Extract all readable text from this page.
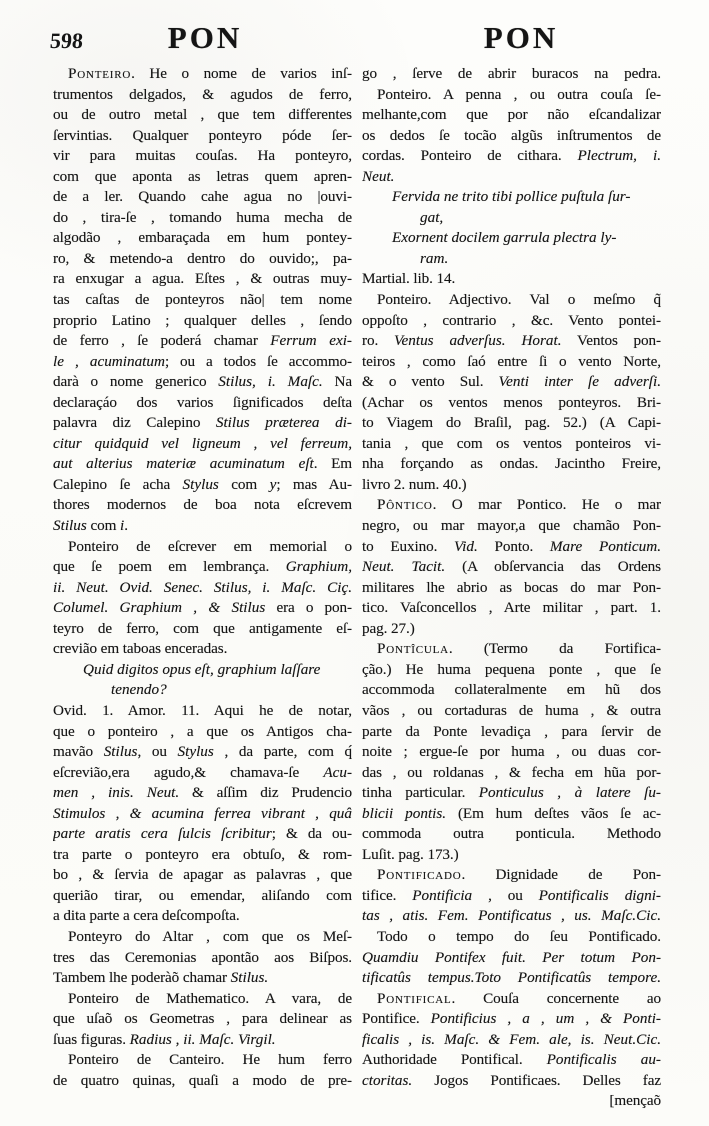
598	PON	PON
Ponteiro. He o nome de varios inſ-
trumentos delgados, & agudos de ferro,
ou de outro metal , que tem differentes
ſervintias. Qualquer ponteyro póde ſer-
vir para muitas couſas. Ha ponteyro,
com que aponta as letras quem apren-
de a ler. Quando cahe agua no |ouvi-
do , tira-ſe , tomando huma mecha de
algodão , embaraçada em hum pontey-
ro, & metendo-a dentro do ouvido;, pa-
ra enxugar a agua. Eſtes , & outras muy-
tas caſtas de ponteyros não| tem nome
proprio Latino ; qualquer delles , ſendo
de ferro , ſe poderá chamar Ferrum exi-
le , acuminatum; ou a todos ſe accommo-
darà o nome generico Stilus, i. Maſc. Na
declaraçáo dos varios ſignificados deſta
palavra diz Calepino Stilus præterea di-
citur quidquid vel ligneum , vel ferreum,
aut alterius materiæ acuminatum eſt. Em
Calepino ſe acha Stylus com y; mas Au-
thores modernos de boa nota eſcrevem
Stilus com i.
Ponteiro de eſcrever em memorial o
que ſe poem em lembrança. Graphium,
ii. Neut. Ovid. Senec. Stilus, i. Maſc. Ciç.
Columel. Graphium , & Stilus era o pon-
teyro de ferro, com que antigamente eſ-
crevião em taboas enceradas.
Quid digitos opus eſt, graphium laſſare
tenendo?
Ovid. 1. Amor. 11. Aqui he de notar,
que o ponteiro , a que os Antigos cha-
mavão Stilus, ou Stylus , da parte, com q́
eſcrevião,era agudo,& chamava-ſe Acu-
men , inis. Neut. & aſſim diz Prudencio
Stimulos , & acumina ferrea vibrant , quâ
parte aratis cera ſulcis ſcribitur; & da ou-
tra parte o ponteyro era obtuſo, & rom-
bo , & ſervia de apagar as palavras , que
querião tirar, ou emendar, aliſando com
a dita parte a cera deſcompoſta.
Ponteyro do Altar , com que os Meſ-
tres das Ceremonias apontão aos Biſpos.
Tambem lhe poderàõ chamar Stilus.
Ponteiro de Mathematico. A vara, de
que uſaõ os Geometras , para delinear as
ſuas figuras. Radius , ii. Maſc. Virgil.
Ponteiro de Canteiro. He hum ferro
de quatro quinas, quaſi a modo de pre-
go , ſerve de abrir buracos na pedra.
Ponteiro. A penna , ou outra couſa ſe-
melhante,com que por não eſcandalizar
os dedos ſe tocão algũs inſtrumentos de
cordas. Ponteiro de cithara. Plectrum, i.
Neut.
Fervida ne trito tibi pollice puſtula ſur-
gat,
Exornent docilem garrula plectra ly-
ram.
Martial. lib. 14.
Ponteiro. Adjectivo. Val o meſmo q̃
oppoſto , contrario , &c. Vento pontei-
ro. Ventus adverſus. Horat. Ventos pon-
teiros , como ſaó entre ſi o vento Norte,
& o vento Sul. Venti inter ſe adverſi.
(Achar os ventos menos ponteyros. Bri-
to Viagem do Braſil, pag. 52.) (A Capi-
tania , que com os ventos ponteiros vi-
nha forçando as ondas. Jacintho Freire,
livro 2. num. 40.)
Pôntico. O mar Pontico. He o mar
negro, ou mar mayor,a que chamão Pon-
to Euxino. Vid. Ponto. Mare Ponticum.
Neut. Tacit. (A obſervancia das Ordens
militares lhe abrio as bocas do mar Pon-
tico. Vaſconcellos , Arte militar , part. 1.
pag. 27.)
Pontîcula. (Termo da Fortifica-
ção.) He huma pequena ponte , que ſe
accommoda collateralmente em hũ dos
vãos , ou cortaduras de huma , & outra
parte da Ponte levadiça , para ſervir de
noite ; ergue-ſe por huma , ou duas cor-
das , ou roldanas , & fecha em hũa por-
tinha particular. Ponticulus , à latere ſu-
blicii pontis. (Em hum deſtes vãos ſe ac-
commoda outra ponticula. Methodo
Luſit. pag. 173.)
Pontificado. Dignidade de Pon-
tifice. Pontificia , ou Pontificalis digni-
tas , atis. Fem. Pontificatus , us. Maſc.Cic.
Todo o tempo do ſeu Pontificado.
Quamdiu Pontifex fuit. Per totum Pon-
tificatûs tempus.Toto Pontificatûs tempore.
Pontifical. Couſa concernente ao
Pontifice. Pontificius , a , um , & Ponti-
ficalis , is. Maſc. & Fem. ale, is. Neut.Cic.
Authoridade Pontifical. Pontificalis au-
ctoritas. Jogos Pontificaes. Delles faz
[mençaõ
